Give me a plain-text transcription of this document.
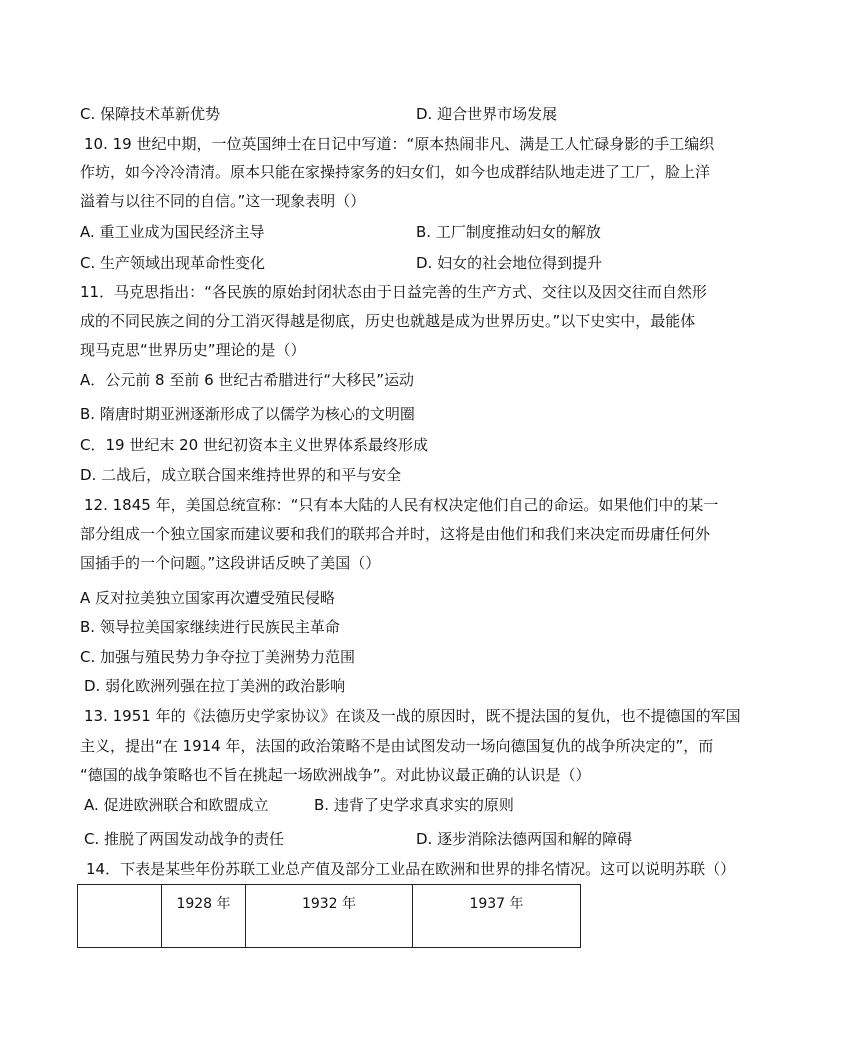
C. 保障技术革新优势	D. 迎合世界市场发展
10. 19 世纪中期，一位英国绅士在日记中写道：“原本热闹非凡、满是工人忙碌身影的手工编织
作坊，如今冷冷清清。原本只能在家操持家务的妇女们，如今也成群结队地走进了工厂，脸上洋
溢着与以往不同的自信。”这一现象表明（）
A. 重工业成为国民经济主导	B. 工厂制度推动妇女的解放
C. 生产领域出现革命性变化	D. 妇女的社会地位得到提升
11．马克思指出：“各民族的原始封闭状态由于日益完善的生产方式、交往以及因交往而自然形
成的不同民族之间的分工消灭得越是彻底，历史也就越是成为世界历史。”以下史实中，最能体
现马克思“世界历史”理论的是（）
A．公元前 8 至前 6 世纪古希腊进行“大移民”运动
B. 隋唐时期亚洲逐渐形成了以儒学为核心的文明圈
C．19 世纪末 20 世纪初资本主义世界体系最终形成
D. 二战后，成立联合国来维持世界的和平与安全
12. 1845 年，美国总统宣称：“只有本大陆的人民有权决定他们自己的命运。如果他们中的某一
部分组成一个独立国家而建议要和我们的联邦合并时，这将是由他们和我们来决定而毋庸任何外
国插手的一个问题。”这段讲话反映了美国（）
A 反对拉美独立国家再次遭受殖民侵略
B. 领导拉美国家继续进行民族民主革命
C. 加强与殖民势力争夺拉丁美洲势力范围
D. 弱化欧洲列强在拉丁美洲的政治影响
13. 1951 年的《法德历史学家协议》在谈及一战的原因时，既不提法国的复仇，也不提德国的军国
主义，提出“在 1914 年，法国的政治策略不是由试图发动一场向德国复仇的战争所决定的”，而
“德国的战争策略也不旨在挑起一场欧洲战争”。对此协议最正确的认识是（）
A. 促进欧洲联合和欧盟成立	B. 违背了史学求真求实的原则
C. 推脱了两国发动战争的责任	D. 逐步消除法德两国和解的障碍
14．下表是某些年份苏联工业总产值及部分工业品在欧洲和世界的排名情况。这可以说明苏联（）
	1928 年	1932 年	1937 年
